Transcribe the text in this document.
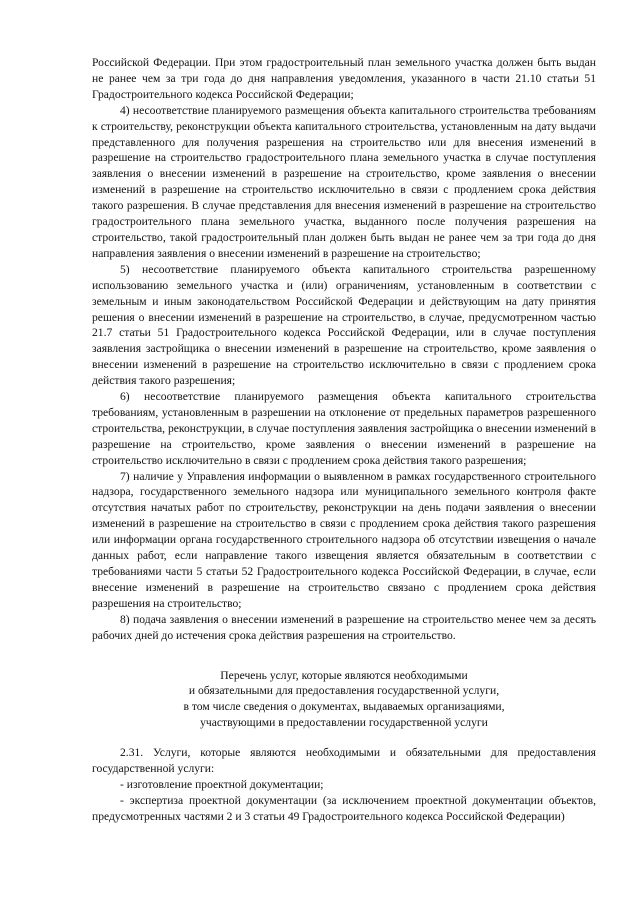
Российской Федерации. При этом градостроительный план земельного участка должен быть выдан не ранее чем за три года до дня направления уведомления, указанного в части 21.10 статьи 51 Градостроительного кодекса Российской Федерации;

4) несоответствие планируемого размещения объекта капитального строительства требованиям к строительству, реконструкции объекта капитального строительства, установленным на дату выдачи представленного для получения разрешения на строительство или для внесения изменений в разрешение на строительство градостроительного плана земельного участка в случае поступления заявления о внесении изменений в разрешение на строительство, кроме заявления о внесении изменений в разрешение на строительство исключительно в связи с продлением срока действия такого разрешения. В случае представления для внесения изменений в разрешение на строительство градостроительного плана земельного участка, выданного после получения разрешения на строительство, такой градостроительный план должен быть выдан не ранее чем за три года до дня направления заявления о внесении изменений в разрешение на строительство;

5) несоответствие планируемого объекта капитального строительства разрешенному использованию земельного участка и (или) ограничениям, установленным в соответствии с земельным и иным законодательством Российской Федерации и действующим на дату принятия решения о внесении изменений в разрешение на строительство, в случае, предусмотренном частью 21.7 статьи 51 Градостроительного кодекса Российской Федерации, или в случае поступления заявления застройщика о внесении изменений в разрешение на строительство, кроме заявления о внесении изменений в разрешение на строительство исключительно в связи с продлением срока действия такого разрешения;

6) несоответствие планируемого размещения объекта капитального строительства требованиям, установленным в разрешении на отклонение от предельных параметров разрешенного строительства, реконструкции, в случае поступления заявления застройщика о внесении изменений в разрешение на строительство, кроме заявления о внесении изменений в разрешение на строительство исключительно в связи с продлением срока действия такого разрешения;

7) наличие у Управления информации о выявленном в рамках государственного строительного надзора, государственного земельного надзора или муниципального земельного контроля факте отсутствия начатых работ по строительству, реконструкции на день подачи заявления о внесении изменений в разрешение на строительство в связи с продлением срока действия такого разрешения или информации органа государственного строительного надзора об отсутствии извещения о начале данных работ, если направление такого извещения является обязательным в соответствии с требованиями части 5 статьи 52 Градостроительного кодекса Российской Федерации, в случае, если внесение изменений в разрешение на строительство связано с продлением срока действия разрешения на строительство;

8) подача заявления о внесении изменений в разрешение на строительство менее чем за десять рабочих дней до истечения срока действия разрешения на строительство.

Перечень услуг, которые являются необходимыми
и обязательными для предоставления государственной услуги,
в том числе сведения о документах, выдаваемых организациями,
участвующими в предоставлении государственной услуги

2.31. Услуги, которые являются необходимыми и обязательными для предоставления государственной услуги:

- изготовление проектной документации;

- экспертиза проектной документации (за исключением проектной документации объектов, предусмотренных частями 2 и 3 статьи 49 Градостроительного кодекса Российской Федерации)
